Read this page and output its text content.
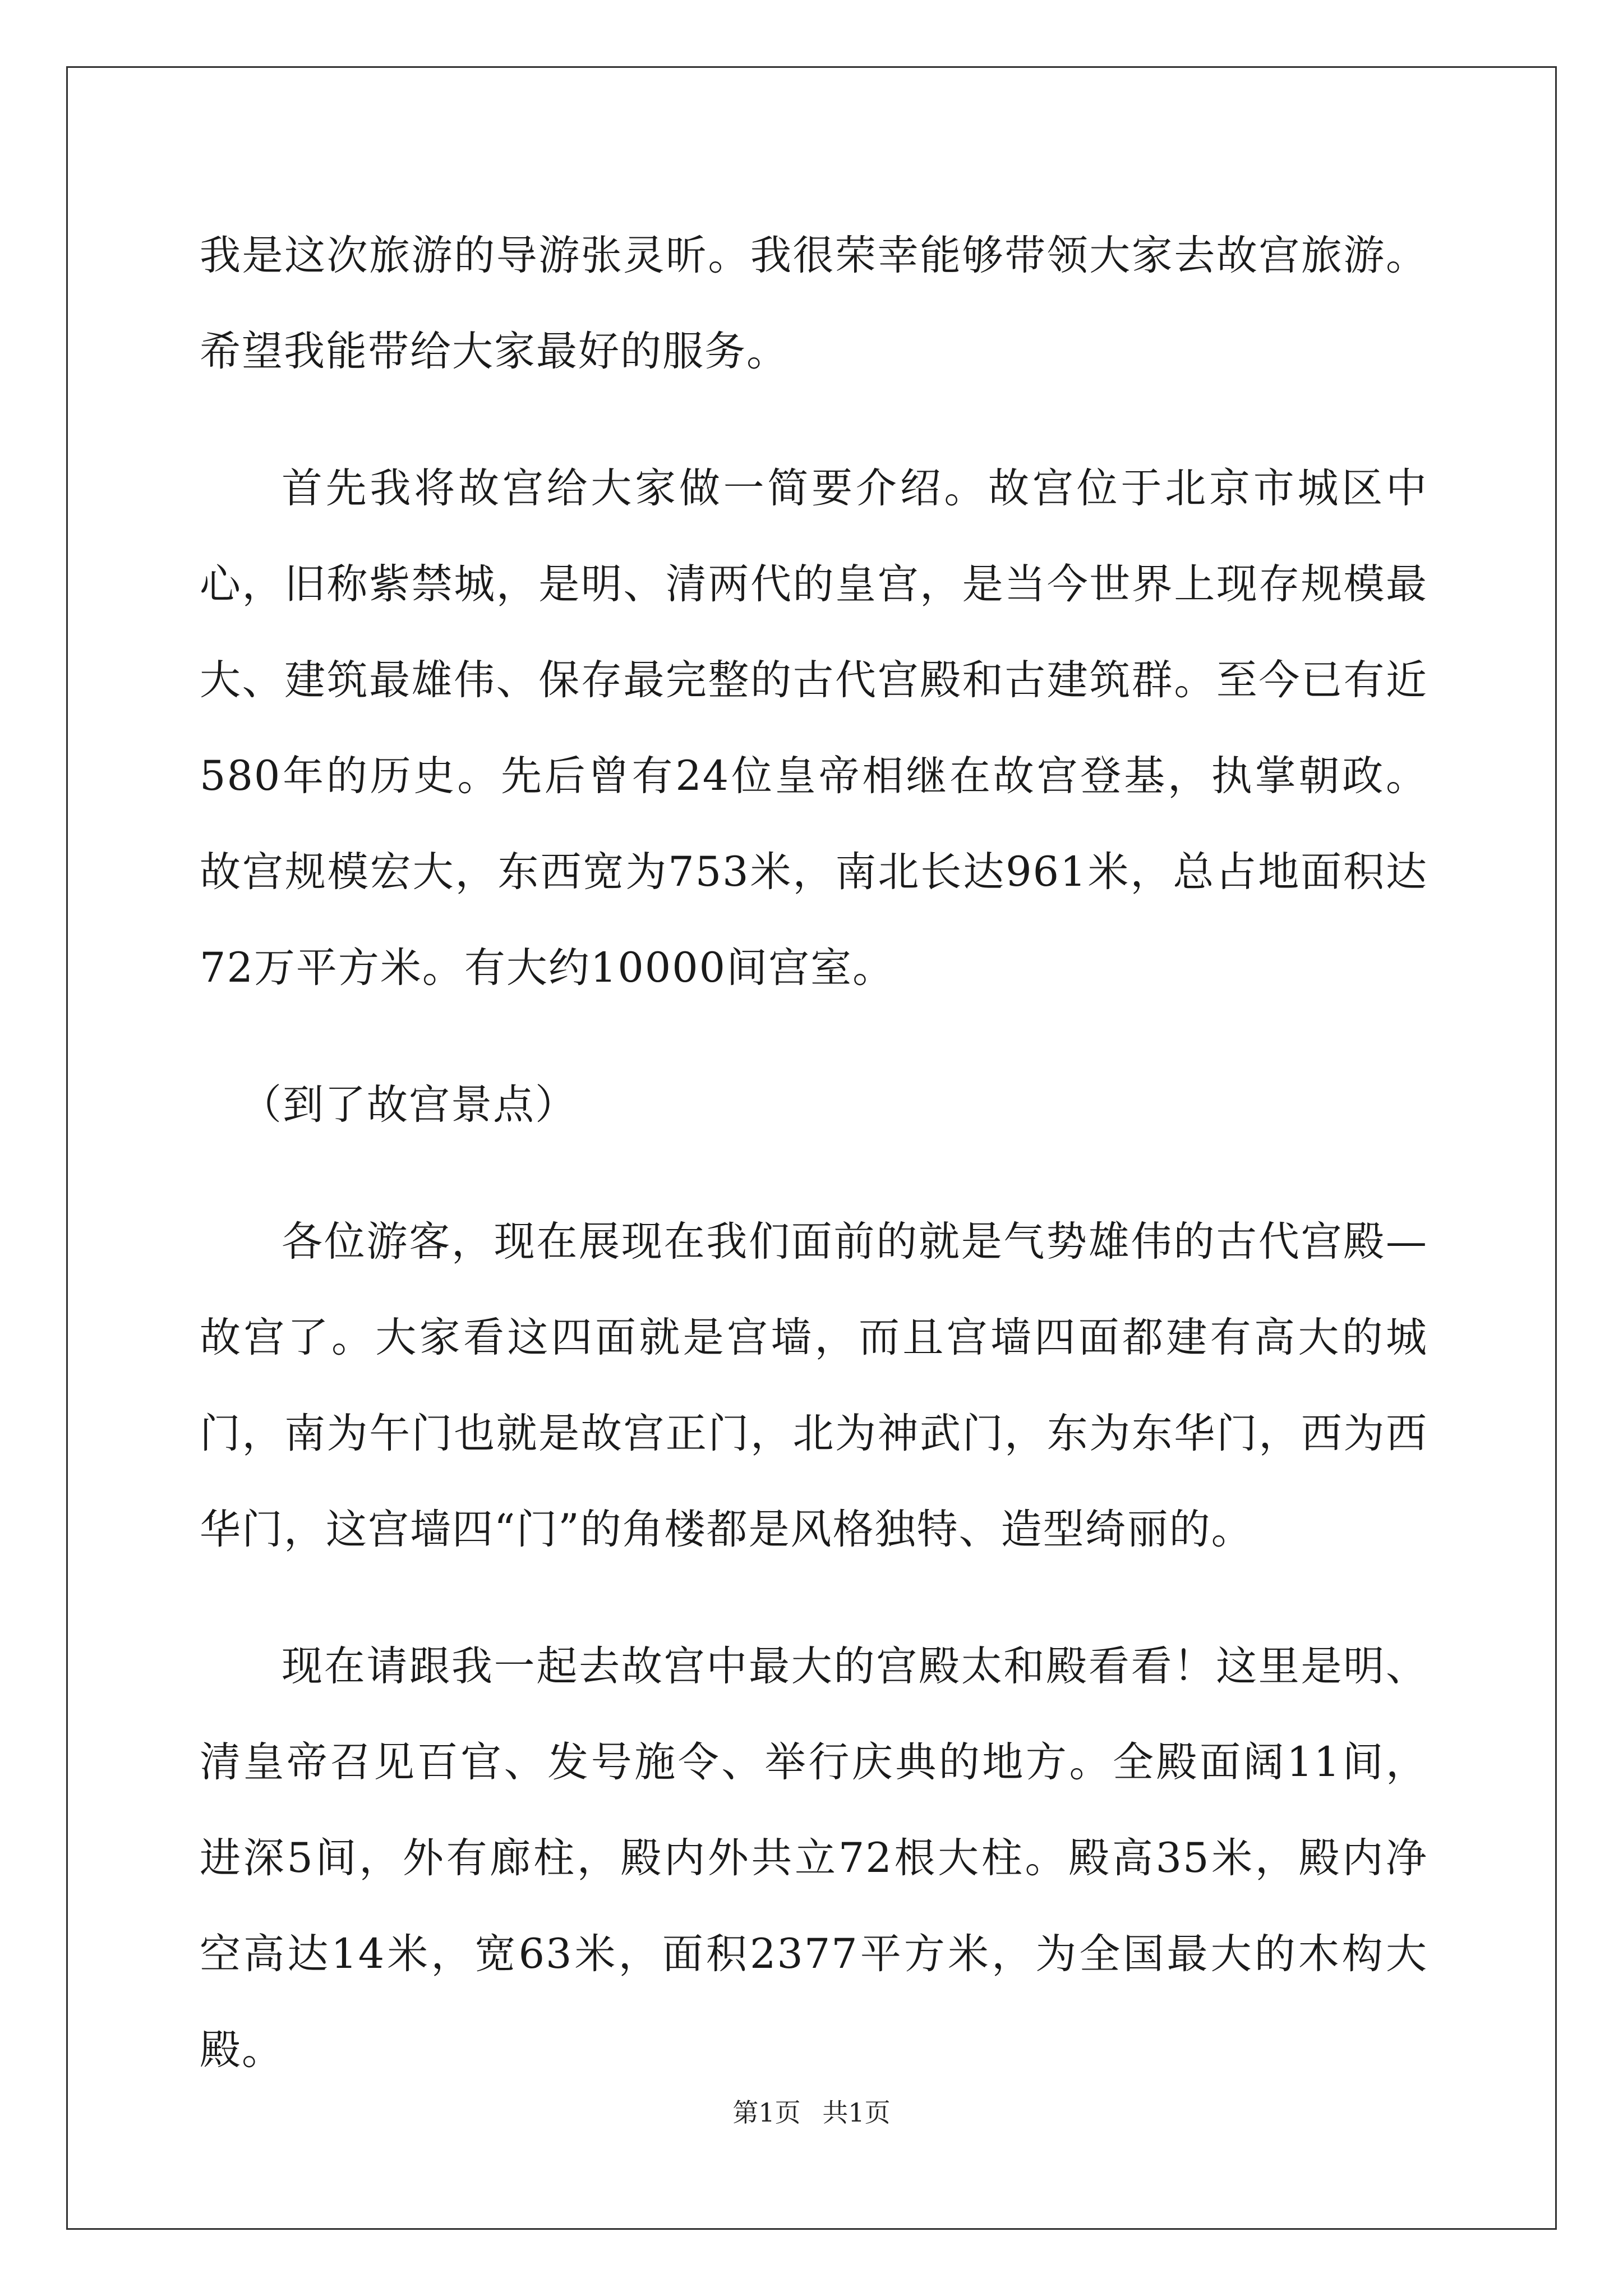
我是这次旅游的导游张灵昕。我很荣幸能够带领大家去故宫旅游。希望我能带给大家最好的服务。

首先我将故宫给大家做一简要介绍。故宫位于北京市城区中心，旧称紫禁城，是明、清两代的皇宫，是当今世界上现存规模最大、建筑最雄伟、保存最完整的古代宫殿和古建筑群。至今已有近580年的历史。先后曾有24位皇帝相继在故宫登基，执掌朝政。故宫规模宏大，东西宽为753米，南北长达961米，总占地面积达72万平方米。有大约10000间宫室。

（到了故宫景点）

各位游客，现在展现在我们面前的就是气势雄伟的古代宫殿—故宫了。大家看这四面就是宫墙，而且宫墙四面都建有高大的城门，南为午门也就是故宫正门，北为神武门，东为东华门，西为西华门，这宫墙四“门”的角楼都是风格独特、造型绮丽的。

现在请跟我一起去故宫中最大的宫殿太和殿看看！这里是明、清皇帝召见百官、发号施令、举行庆典的地方。全殿面阔11间，进深5间，外有廊柱，殿内外共立72根大柱。殿高35米，殿内净空高达14米，宽63米，面积2377平方米，为全国最大的木构大殿。

第1页 共1页
